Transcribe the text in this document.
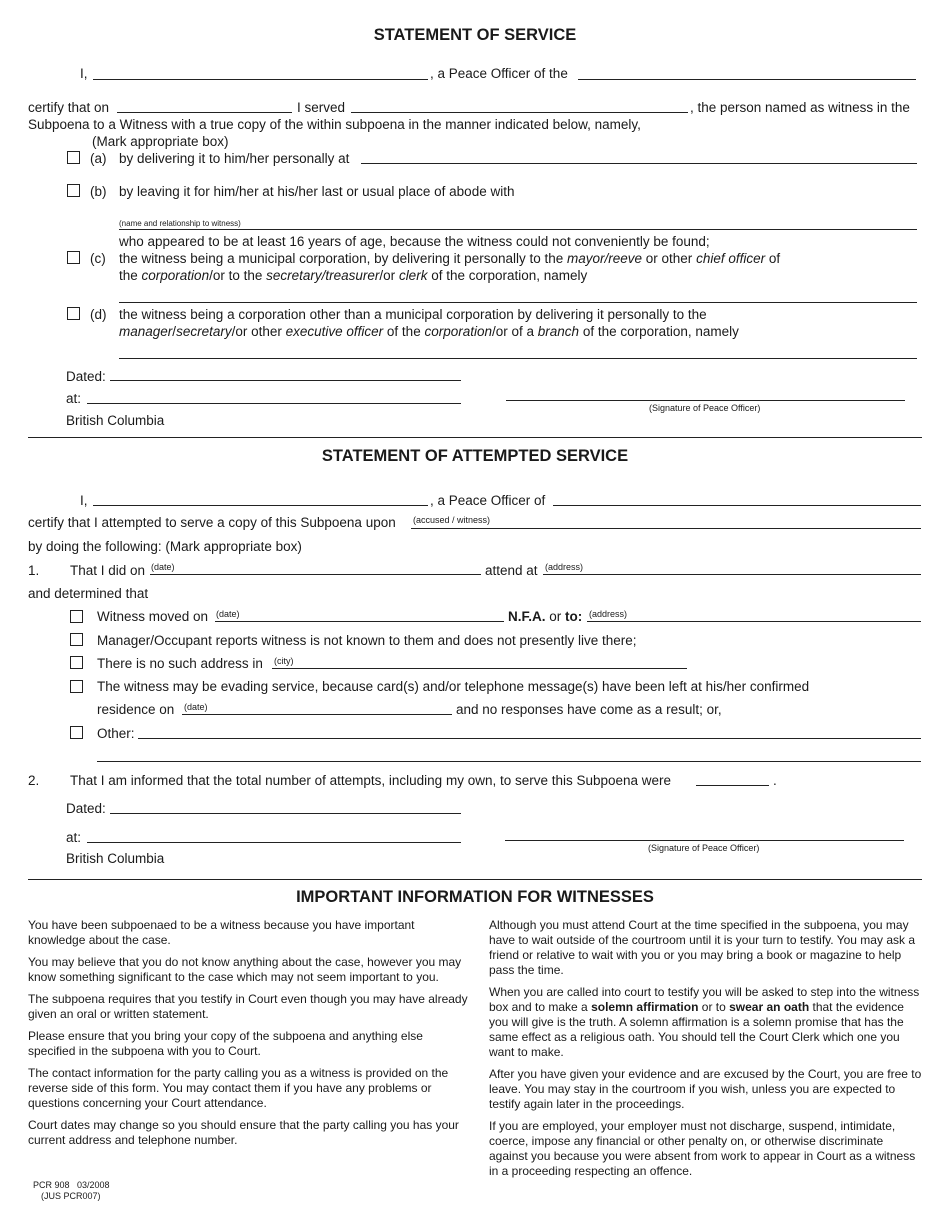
STATEMENT OF SERVICE
I,	, a Peace Officer of the
certify that on	I served	, the person named as witness in the
Subpoena to a Witness with a true copy of the within subpoena in the manner indicated below, namely,
(Mark appropriate box)
(a) by delivering it to him/her personally at
(b) by leaving it for him/her at his/her last or usual place of abode with
(name and relationship to witness)
who appeared to be at least 16 years of age, because the witness could not conveniently be found;
(c) the witness being a municipal corporation, by delivering it personally to the mayor/reeve or other chief officer of
the corporation/or to the secretary/treasurer/or clerk of the corporation, namely
(d) the witness being a corporation other than a municipal corporation by delivering it personally to the
manager/secretary/or other executive officer of the corporation/or of a branch of the corporation, namely
Dated:
at:
(Signature of Peace Officer)
British Columbia
STATEMENT OF ATTEMPTED SERVICE
I,	, a Peace Officer of
certify that I attempted to serve a copy of this Subpoena upon (accused / witness)
by doing the following: (Mark appropriate box)
1. That I did on (date)	attend at (address)
and determined that
Witness moved on (date)	N.F.A. or to: (address)
Manager/Occupant reports witness is not known to them and does not presently live there;
There is no such address in (city)
The witness may be evading service, because card(s) and/or telephone message(s) have been left at his/her confirmed
residence on (date)	and no responses have come as a result; or,
Other:
2. That I am informed that the total number of attempts, including my own, to serve this Subpoena were	.
Dated:
at:
(Signature of Peace Officer)
British Columbia
IMPORTANT INFORMATION FOR WITNESSES

You have been subpoenaed to be a witness because you have important knowledge about the case.

You may believe that you do not know anything about the case, however you may know something significant to the case which may not seem important to you.

The subpoena requires that you testify in Court even though you may have already given an oral or written statement.

Please ensure that you bring your copy of the subpoena and anything else specified in the subpoena with you to Court.

The contact information for the party calling you as a witness is provided on the reverse side of this form. You may contact them if you have any problems or questions concerning your Court attendance.

Court dates may change so you should ensure that the party calling you has your current address and telephone number.

Although you must attend Court at the time specified in the subpoena, you may have to wait outside of the courtroom until it is your turn to testify. You may ask a friend or relative to wait with you or you may bring a book or magazine to help pass the time.

When you are called into court to testify you will be asked to step into the witness box and to make a solemn affirmation or to swear an oath that the evidence you will give is the truth. A solemn affirmation is a solemn promise that has the same effect as a religious oath. You should tell the Court Clerk which one you want to make.

After you have given your evidence and are excused by the Court, you are free to leave. You may stay in the courtroom if you wish, unless you are expected to testify again later in the proceedings.

If you are employed, your employer must not discharge, suspend, intimidate, coerce, impose any financial or other penalty on, or otherwise discriminate against you because you were absent from work to appear in Court as a witness in a proceeding respecting an offence.

PCR 908   03/2008
(JUS PCR007)
